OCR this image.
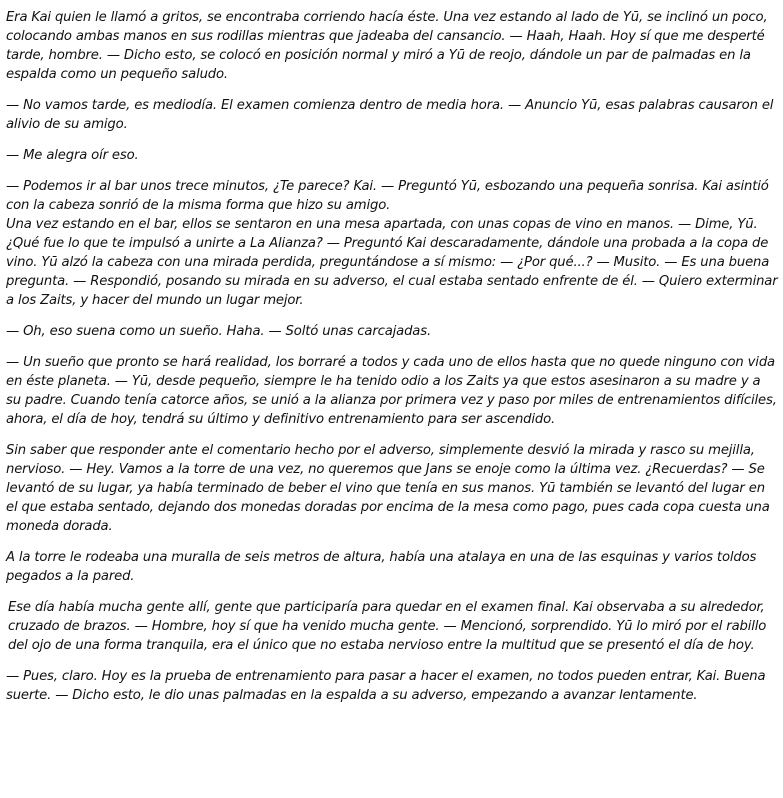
Era Kai quien le llamó a gritos, se encontraba corriendo hacía éste. Una vez estando al lado de Yū, se inclinó un poco, colocando ambas manos en sus rodillas mientras que jadeaba del cansancio. — Haah, Haah. Hoy sí que me desperté tarde, hombre. — Dicho esto, se colocó en posición normal y miró a Yū de reojo, dándole un par de palmadas en la espalda como un pequeño saludo.

— No vamos tarde, es mediodía. El examen comienza dentro de media hora. — Anuncio Yū, esas palabras causaron el alivio de su amigo.

— Me alegra oír eso.

— Podemos ir al bar unos trece minutos, ¿Te parece? Kai. — Preguntó Yū, esbozando una pequeña sonrisa. Kai asintió con la cabeza sonrió de la misma forma que hizo su amigo.

Una vez estando en el bar, ellos se sentaron en una mesa apartada, con unas copas de vino en manos. — Dime, Yū. ¿Qué fue lo que te impulsó a unirte a La Alianza? — Preguntó Kai descaradamente, dándole una probada a la copa de vino. Yū alzó la cabeza con una mirada perdida, preguntándose a sí mismo: — ¿Por qué...? — Musito. — Es una buena pregunta. — Respondió, posando su mirada en su adverso, el cual estaba sentado enfrente de él. — Quiero exterminar a los Zaits, y hacer del mundo un lugar mejor.

— Oh, eso suena como un sueño. Haha. — Soltó unas carcajadas.

— Un sueño que pronto se hará realidad, los borraré a todos y cada uno de ellos hasta que no quede ninguno con vida en éste planeta. — Yū, desde pequeño, siempre le ha tenido odio a los Zaits ya que estos asesinaron a su madre y a su padre. Cuando tenía catorce años, se unió a la alianza por primera vez y paso por miles de entrenamientos difíciles, ahora, el día de hoy, tendrá su último y definitivo entrenamiento para ser ascendido.

Sin saber que responder ante el comentario hecho por el adverso, simplemente desvió la mirada y rasco su mejilla, nervioso. — Hey. Vamos a la torre de una vez, no queremos que Jans se enoje como la última vez. ¿Recuerdas? — Se levantó de su lugar, ya había terminado de beber el vino que tenía en sus manos. Yū también se levantó del lugar en el que estaba sentado, dejando dos monedas doradas por encima de la mesa como pago, pues cada copa cuesta una moneda dorada.

A la torre le rodeaba una muralla de seis metros de altura, había una atalaya en una de las esquinas y varios toldos pegados a la pared.

Ese día había mucha gente allí, gente que participaría para quedar en el examen final. Kai observaba a su alrededor, cruzado de brazos. — Hombre, hoy sí que ha venido mucha gente. — Mencionó, sorprendido. Yū lo miró por el rabillo del ojo de una forma tranquila, era el único que no estaba nervioso entre la multitud que se presentó el día de hoy.

— Pues, claro. Hoy es la prueba de entrenamiento para pasar a hacer el examen, no todos pueden entrar, Kai. Buena suerte. — Dicho esto, le dio unas palmadas en la espalda a su adverso, empezando a avanzar lentamente.
